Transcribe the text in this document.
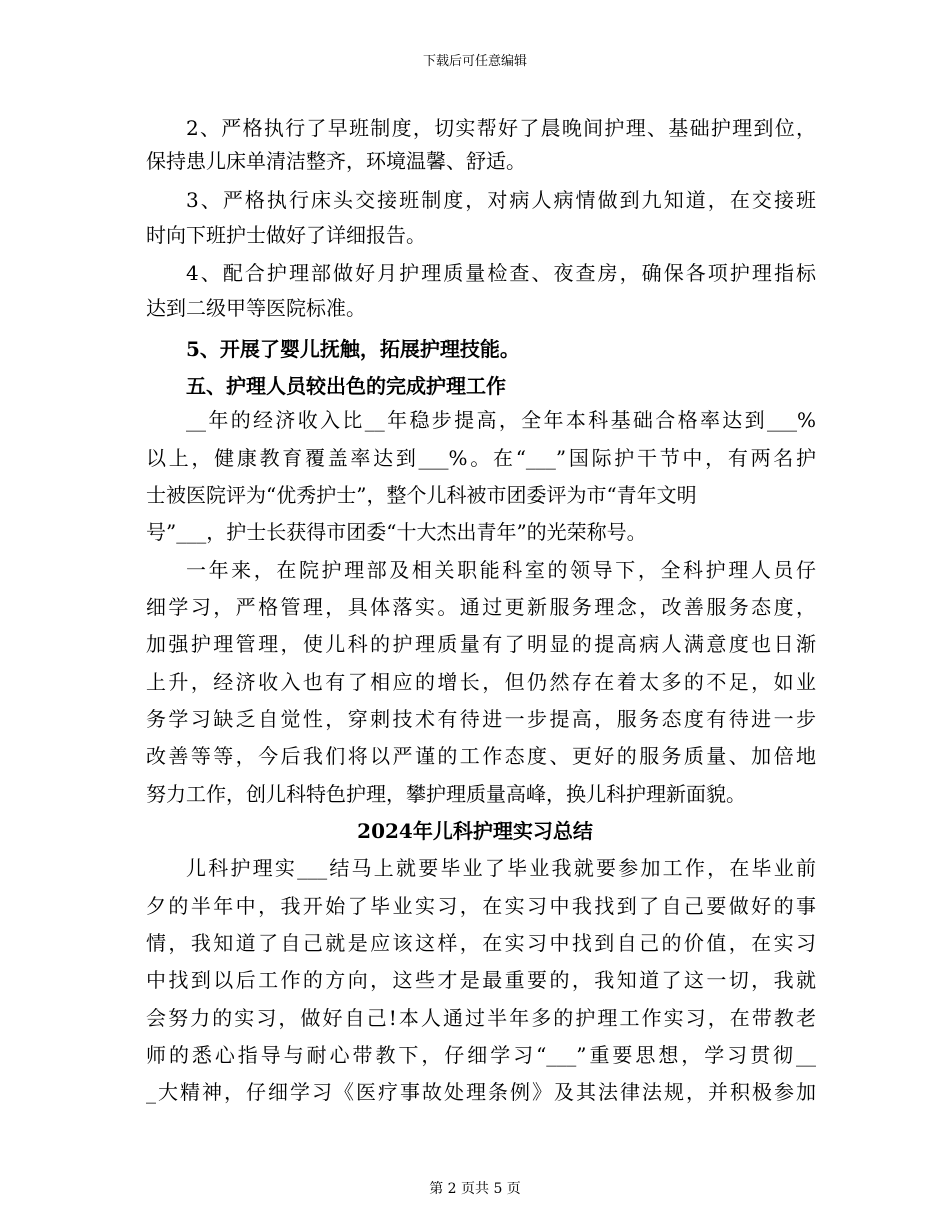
下载后可任意编辑
2、严格执行了早班制度，切实帮好了晨晚间护理、基础护理到位，
保持患儿床单清洁整齐，环境温馨、舒适。
3、严格执行床头交接班制度，对病人病情做到九知道，在交接班
时向下班护士做好了详细报告。
4、配合护理部做好月护理质量检查、夜查房，确保各项护理指标
达到二级甲等医院标准。
5、开展了婴儿抚触，拓展护理技能。
五、护理人员较出色的完成护理工作
__年的经济收入比__年稳步提高，全年本科基础合格率达到___%
以上，健康教育覆盖率达到___%。在“___”国际护干节中，有两名护
士被医院评为“优秀护士”，整个儿科被市团委评为市“青年文明
号”___，护士长获得市团委“十大杰出青年”的光荣称号。
一年来，在院护理部及相关职能科室的领导下，全科护理人员仔
细学习，严格管理，具体落实。通过更新服务理念，改善服务态度，
加强护理管理，使儿科的护理质量有了明显的提高病人满意度也日渐
上升，经济收入也有了相应的增长，但仍然存在着太多的不足，如业
务学习缺乏自觉性，穿刺技术有待进一步提高，服务态度有待进一步
改善等等，今后我们将以严谨的工作态度、更好的服务质量、加倍地
努力工作，创儿科特色护理，攀护理质量高峰，换儿科护理新面貌。
2024年儿科护理实习总结
儿科护理实___结马上就要毕业了毕业我就要参加工作，在毕业前
夕的半年中，我开始了毕业实习，在实习中我找到了自己要做好的事
情，我知道了自己就是应该这样，在实习中找到自己的价值，在实习
中找到以后工作的方向，这些才是最重要的，我知道了这一切，我就
会努力的实习，做好自己!本人通过半年多的护理工作实习，在带教老
师的悉心指导与耐心带教下，仔细学习“___”重要思想，学习贯彻__
_大精神，仔细学习《医疗事故处理条例》及其法律法规，并积极参加
第 2 页共 5 页
